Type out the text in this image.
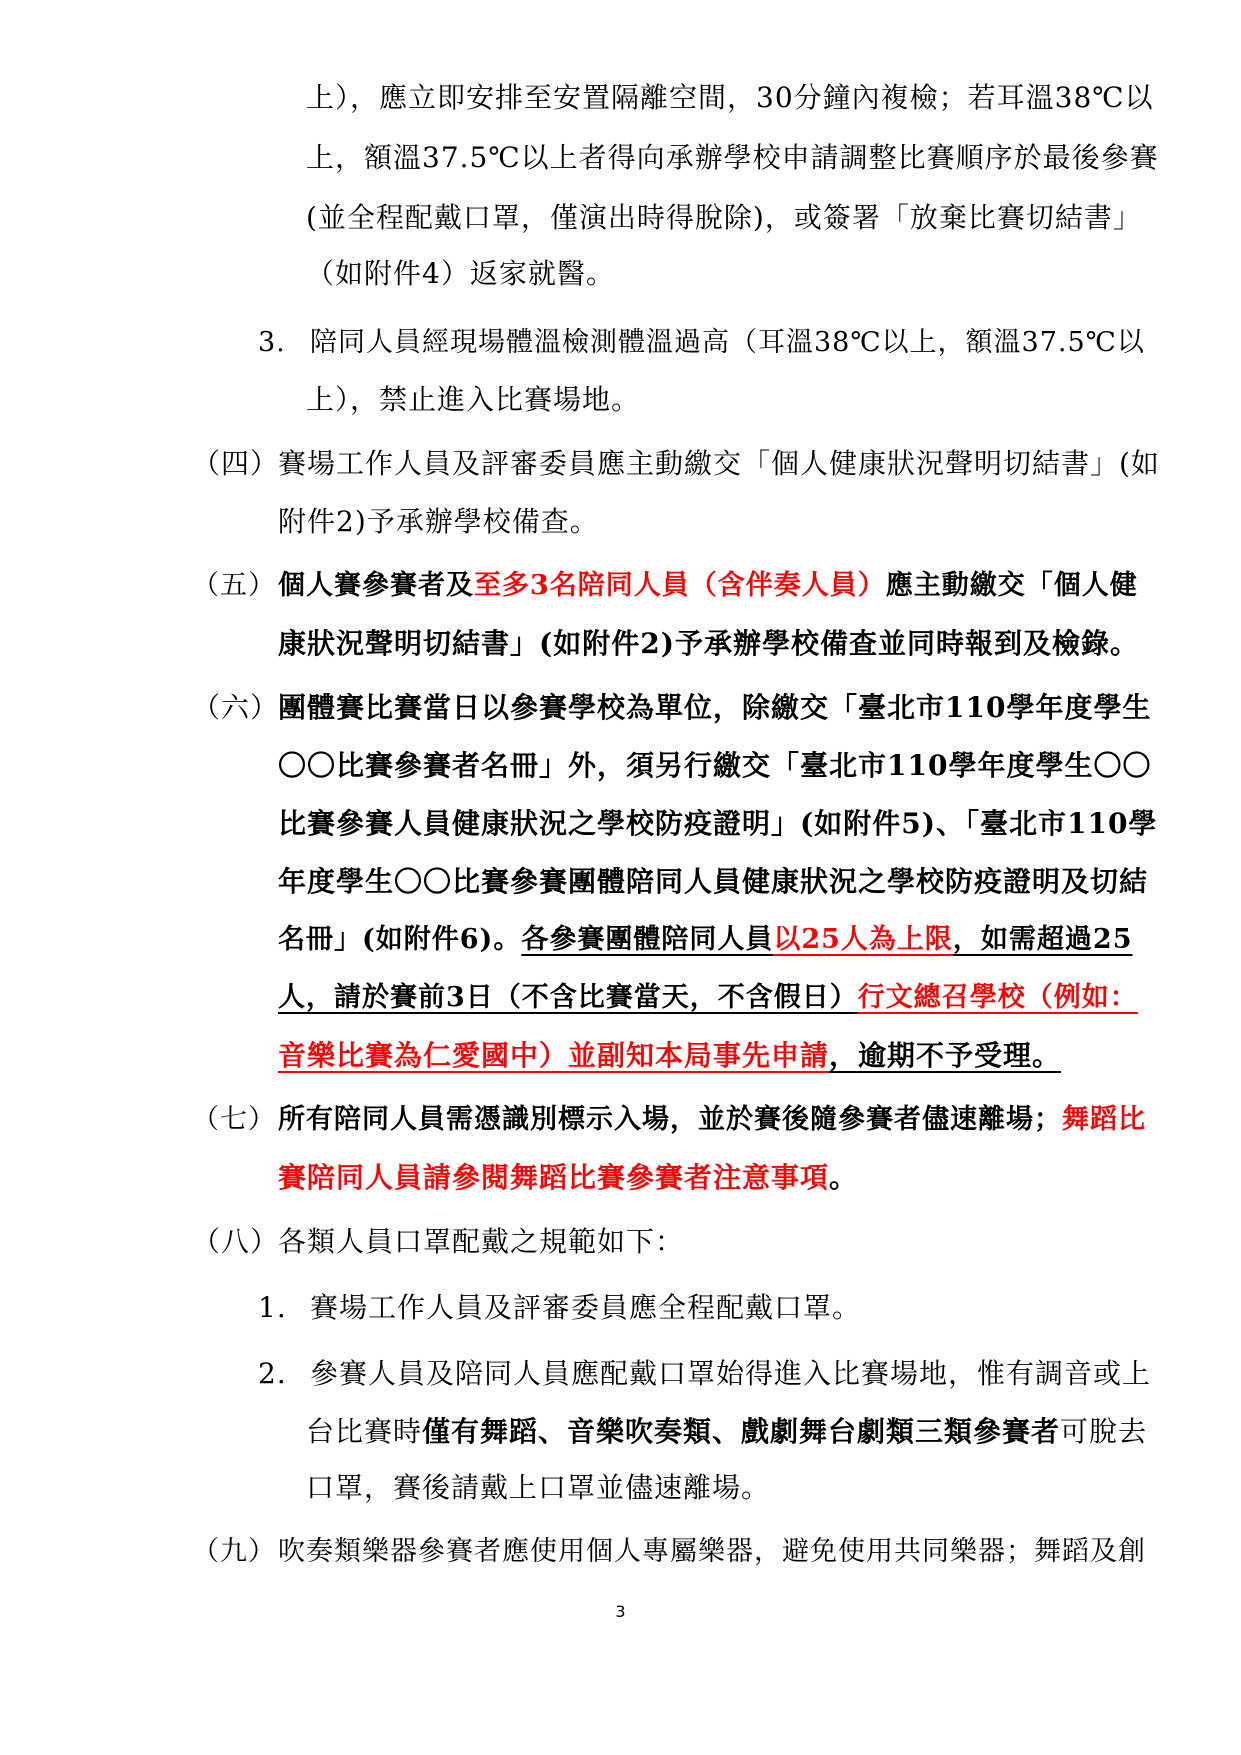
上），應立即安排至安置隔離空間，30分鐘內複檢；若耳溫38℃以

上，額溫37.5℃以上者得向承辦學校申請調整比賽順序於最後參賽

(並全程配戴口罩，僅演出時得脫除)，或簽署「放棄比賽切結書」

（如附件4）返家就醫。

3. 陪同人員經現場體溫檢測體溫過高（耳溫38℃以上，額溫37.5℃以

上），禁止進入比賽場地。

（四）賽場工作人員及評審委員應主動繳交「個人健康狀況聲明切結書」(如

附件2)予承辦學校備查。

（五）個人賽參賽者及至多3名陪同人員（含伴奏人員）應主動繳交「個人健

康狀況聲明切結書」(如附件2)予承辦學校備查並同時報到及檢錄。

（六）團體賽比賽當日以參賽學校為單位，除繳交「臺北市110學年度學生

〇〇比賽參賽者名冊」外，須另行繳交「臺北市110學年度學生〇〇

比賽參賽人員健康狀況之學校防疫證明」(如附件5)、「臺北市110學

年度學生〇〇比賽參賽團體陪同人員健康狀況之學校防疫證明及切結

名冊」(如附件6)。各參賽團體陪同人員以25人為上限，如需超過25

人，請於賽前3日（不含比賽當天，不含假日）行文總召學校（例如：

音樂比賽為仁愛國中）並副知本局事先申請，逾期不予受理。

（七）所有陪同人員需憑識別標示入場，並於賽後隨參賽者儘速離場；舞蹈比

賽陪同人員請參閱舞蹈比賽參賽者注意事項。

（八）各類人員口罩配戴之規範如下：

1. 賽場工作人員及評審委員應全程配戴口罩。

2. 參賽人員及陪同人員應配戴口罩始得進入比賽場地，惟有調音或上

台比賽時僅有舞蹈、音樂吹奏類、戲劇舞台劇類三類參賽者可脫去

口罩，賽後請戴上口罩並儘速離場。

（九）吹奏類樂器參賽者應使用個人專屬樂器，避免使用共同樂器；舞蹈及創

3
